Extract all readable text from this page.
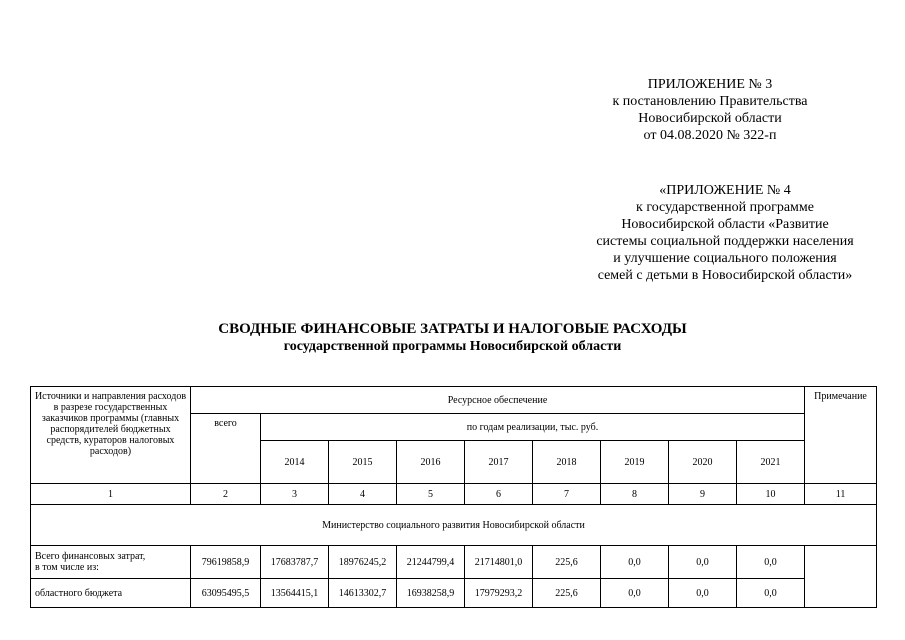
ПРИЛОЖЕНИЕ № 3
к постановлению Правительства
Новосибирской области
от 04.08.2020 № 322-п
«ПРИЛОЖЕНИЕ № 4
к государственной программе
Новосибирской области «Развитие
системы социальной поддержки населения
и улучшение социального положения
семей с детьми в Новосибирской области»
СВОДНЫЕ ФИНАНСОВЫЕ ЗАТРАТЫ И НАЛОГОВЫЕ РАСХОДЫ
государственной программы Новосибирской области
Источники и направления расходов в разрезе государственных заказчиков программы (главных распорядителей бюджетных средств, кураторов налоговых расходов)	Ресурсное обеспечение									Примечание
	всего	по годам реализации, тыс. руб.								
		2014	2015	2016	2017	2018	2019	2020	2021	
1	2	3	4	5	6	7	8	9	10	11
Министерство социального развития Новосибирской области										

Всего финансовых затрат,
в том числе из:	79619858,9	17683787,7	18976245,2	21244799,4	21714801,0	225,6	0,0	0,0	0,0	
областного бюджета	63095495,5	13564415,1	14613302,7	16938258,9	17979293,2	225,6	0,0	0,0	0,0	
